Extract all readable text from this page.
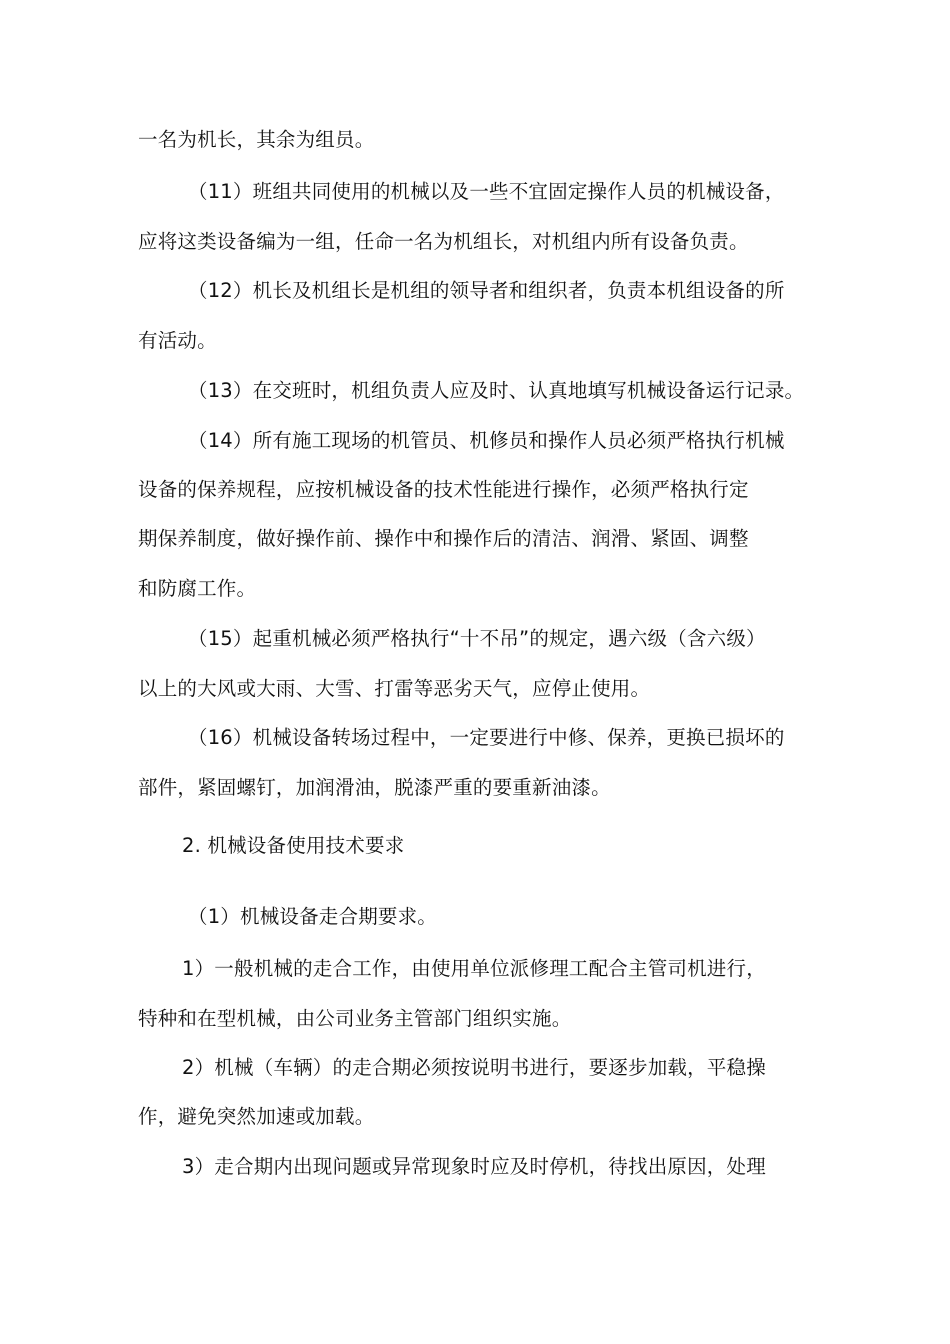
一名为机长，其余为组员。
（11）班组共同使用的机械以及一些不宜固定操作人员的机械设备，
应将这类设备编为一组，任命一名为机组长，对机组内所有设备负责。
（12）机长及机组长是机组的领导者和组织者，负责本机组设备的所
有活动。
（13）在交班时，机组负责人应及时、认真地填写机械设备运行记录。
（14）所有施工现场的机管员、机修员和操作人员必须严格执行机械
设备的保养规程，应按机械设备的技术性能进行操作，必须严格执行定
期保养制度，做好操作前、操作中和操作后的清洁、润滑、紧固、调整
和防腐工作。
（15）起重机械必须严格执行“十不吊”的规定，遇六级（含六级）
以上的大风或大雨、大雪、打雷等恶劣天气，应停止使用。
（16）机械设备转场过程中，一定要进行中修、保养，更换已损坏的
部件，紧固螺钉，加润滑油，脱漆严重的要重新油漆。
2. 机械设备使用技术要求
（1）机械设备走合期要求。
1）一般机械的走合工作，由使用单位派修理工配合主管司机进行，
特种和在型机械，由公司业务主管部门组织实施。
2）机械（车辆）的走合期必须按说明书进行，要逐步加载，平稳操
作，避免突然加速或加载。
3）走合期内出现问题或异常现象时应及时停机，待找出原因，处理
